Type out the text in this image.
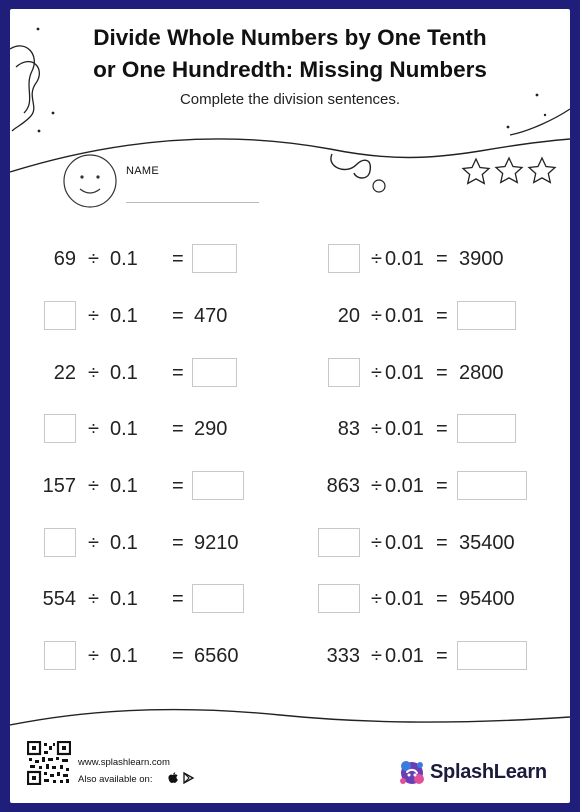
Divide Whole Numbers by One Tenth
or One Hundredth: Missing Numbers
Complete the division sentences.
NAME
69 ÷ 0.1 =
÷ 0.1 = 470
22 ÷ 0.1 =
÷ 0.1 = 290
157 ÷ 0.1 =
÷ 0.1 = 9210
554 ÷ 0.1 =
÷ 0.1 = 6560
÷ 0.01 = 3900
20 ÷ 0.01 =
÷ 0.01 = 2800
83 ÷ 0.01 =
863 ÷ 0.01 =
÷ 0.01 = 35400
÷ 0.01 = 95400
333 ÷ 0.01 =
www.splashlearn.com
Also available on:	SplashLearn
